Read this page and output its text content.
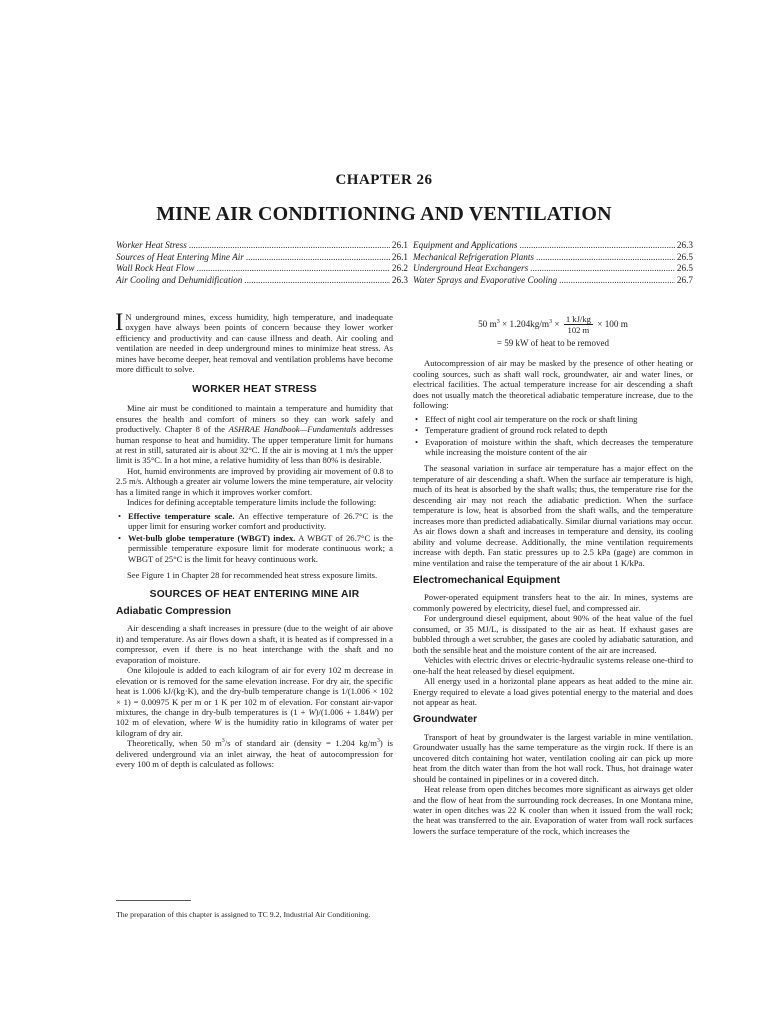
CHAPTER 26
MINE AIR CONDITIONING AND VENTILATION
Worker Heat Stress .....	26.1
Sources of Heat Entering Mine Air .....	26.1
Wall Rock Heat Flow .....	26.2
Air Cooling and Dehumidification .....	26.3
Equipment and Applications .....	26.3
Mechanical Refrigeration Plants .....	26.5
Underground Heat Exchangers .....	26.5
Water Sprays and Evaporative Cooling .....	26.7

I N underground mines, excess humidity, high temperature, and inadequate oxygen have always been points of concern because they lower worker efficiency and productivity and can cause illness and death. Air cooling and ventilation are needed in deep underground mines to minimize heat stress. As mines have become deeper, heat removal and ventilation problems have become more difficult to solve.

WORKER HEAT STRESS

Mine air must be conditioned to maintain a temperature and humidity that ensures the health and comfort of miners so they can work safely and productively. Chapter 8 of the ASHRAE Handbook—Fundamentals addresses human response to heat and humidity. The upper temperature limit for humans at rest in still, saturated air is about 32°C. If the air is moving at 1 m/s the upper limit is 35°C. In a hot mine, a relative humidity of less than 80% is desirable.

Hot, humid environments are improved by providing air movement of 0.8 to 2.5 m/s. Although a greater air volume lowers the mine temperature, air velocity has a limited range in which it improves worker comfort.

Indices for defining acceptable temperature limits include the following:

• Effective temperature scale. An effective temperature of 26.7°C is the upper limit for ensuring worker comfort and productivity.
• Wet-bulb globe temperature (WBGT) index. A WBGT of 26.7°C is the permissible temperature exposure limit for moderate continuous work; a WBGT of 25°C is the limit for heavy continuous work.

See Figure 1 in Chapter 28 for recommended heat stress exposure limits.

SOURCES OF HEAT ENTERING MINE AIR
Adiabatic Compression

Air descending a shaft increases in pressure (due to the weight of air above it) and temperature. As air flows down a shaft, it is heated as if compressed in a compressor, even if there is no heat interchange with the shaft and no evaporation of moisture.

One kilojoule is added to each kilogram of air for every 102 m decrease in elevation or is removed for the same elevation increase. For dry air, the specific heat is 1.006 kJ/(kg·K), and the dry-bulb temperature change is 1/(1.006 × 102 × 1) = 0.00975 K per m or 1 K per 102 m of elevation. For constant air-vapor mixtures, the change in dry-bulb temperatures is (1 + W)/(1.006 + 1.84W) per 102 m of elevation, where W is the humidity ratio in kilograms of water per kilogram of dry air.

Theoretically, when 50 $m^3/s$ of standard air (density = 1.204 $kg/m^3$) is delivered underground via an inlet airway, the heat of autocompression for every 100 m of depth is calculated as follows:

The preparation of this chapter is assigned to TC 9.2, Industrial Air Conditioning.
50 $m^3 \times 1.204kg/m^3 \times \frac{1 kJ/kg}{102 m} \times 100$ m
= 59 kW of heat to be removed

Autocompression of air may be masked by the presence of other heating or cooling sources, such as shaft wall rock, groundwater, air and water lines, or electrical facilities. The actual temperature increase for air descending a shaft does not usually match the theoretical adiabatic temperature increase, due to the following:

• Effect of night cool air temperature on the rock or shaft lining
• Temperature gradient of ground rock related to depth
• Evaporation of moisture within the shaft, which decreases the temperature while increasing the moisture content of the air

The seasonal variation in surface air temperature has a major effect on the temperature of air descending a shaft. When the surface air temperature is high, much of its heat is absorbed by the shaft walls; thus, the temperature rise for the descending air may not reach the adiabatic prediction. When the surface temperature is low, heat is absorbed from the shaft walls, and the temperature increases more than predicted adiabatically. Similar diurnal variations may occur. As air flows down a shaft and increases in temperature and density, its cooling ability and volume decrease. Additionally, the mine ventilation requirements increase with depth. Fan static pressures up to 2.5 kPa (gage) are common in mine ventilation and raise the temperature of the air about 1 K/kPa.

Electromechanical Equipment

Power-operated equipment transfers heat to the air. In mines, systems are commonly powered by electricity, diesel fuel, and compressed air.

For underground diesel equipment, about 90% of the heat value of the fuel consumed, or 35 MJ/L, is dissipated to the air as heat. If exhaust gases are bubbled through a wet scrubber, the gases are cooled by adiabatic saturation, and both the sensible heat and the moisture content of the air are increased.

Vehicles with electric drives or electric-hydraulic systems release one-third to one-half the heat released by diesel equipment.

All energy used in a horizontal plane appears as heat added to the mine air. Energy required to elevate a load gives potential energy to the material and does not appear as heat.

Groundwater

Transport of heat by groundwater is the largest variable in mine ventilation. Groundwater usually has the same temperature as the virgin rock. If there is an uncovered ditch containing hot water, ventilation cooling air can pick up more heat from the ditch water than from the hot wall rock. Thus, hot drainage water should be contained in pipelines or in a covered ditch.

Heat release from open ditches becomes more significant as airways get older and the flow of heat from the surrounding rock decreases. In one Montana mine, water in open ditches was 22 K cooler than when it issued from the wall rock; the heat was transferred to the air. Evaporation of water from wall rock surfaces lowers the surface temperature of the rock, which increases the
